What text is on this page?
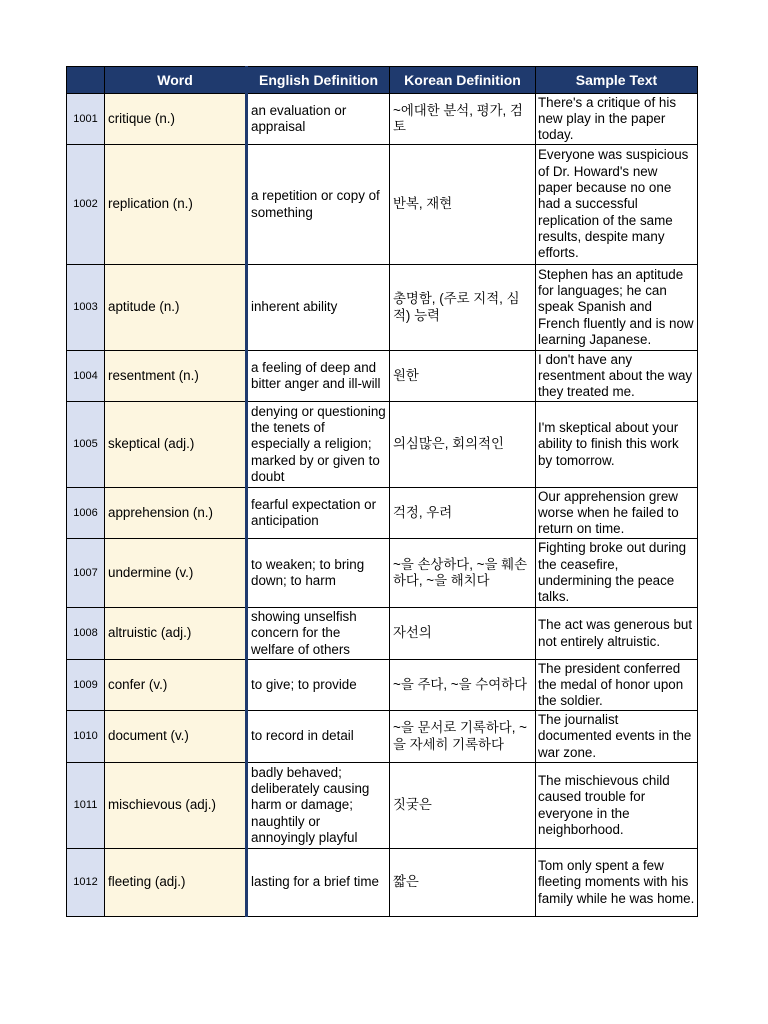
	Word	English Definition	Korean Definition	Sample Text
1001	critique (n.)	an evaluation or appraisal	~에대한 분석, 평가, 검토	There's a critique of his new play in the paper today.
1002	replication (n.)	a repetition or copy of something	반복, 재현	Everyone was suspicious of Dr. Howard's new paper because no one had a successful replication of the same results, despite many efforts.
1003	aptitude (n.)	inherent ability	총명함, (주로 지적, 심적) 능력	Stephen has an aptitude for languages; he can speak Spanish and French fluently and is now learning Japanese.
1004	resentment (n.)	a feeling of deep and bitter anger and ill-will	원한	I don't have any resentment about the way they treated me.
1005	skeptical (adj.)	denying or questioning the tenets of especially a religion; marked by or given to doubt	의심많은, 회의적인	I'm skeptical about your ability to finish this work by tomorrow.
1006	apprehension (n.)	fearful expectation or anticipation	걱정, 우려	Our apprehension grew worse when he failed to return on time.
1007	undermine (v.)	to weaken; to bring down; to harm	~을 손상하다, ~을 훼손하다, ~을 해치다	Fighting broke out during the ceasefire, undermining the peace talks.
1008	altruistic (adj.)	showing unselfish concern for the welfare of others	자선의	The act was generous but not entirely altruistic.
1009	confer (v.)	to give; to provide	~을 주다, ~을 수여하다	The president conferred the medal of honor upon the soldier.
1010	document (v.)	to record in detail	~을 문서로 기록하다, ~을 자세히 기록하다	The journalist documented events in the war zone.
1011	mischievous (adj.)	badly behaved; deliberately causing harm or damage; naughtily or annoyingly playful	짓궂은	The mischievous child caused trouble for everyone in the neighborhood.
1012	fleeting (adj.)	lasting for a brief time	짧은	Tom only spent a few fleeting moments with his family while he was home.
